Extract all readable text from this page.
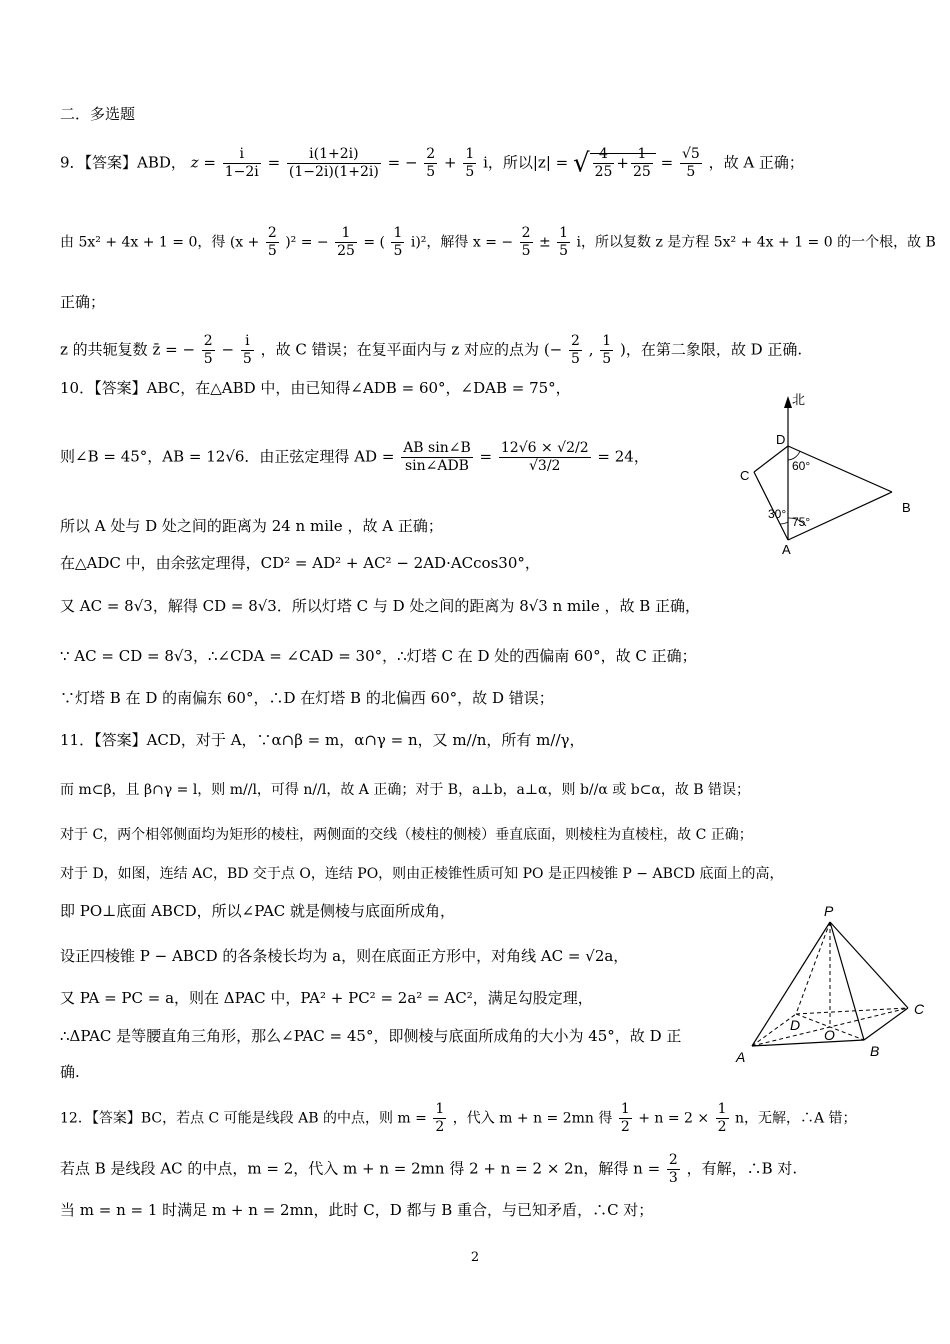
二．多选题
9．【答案】ABD， $z = \frac{i}{1-2i} = \frac{i(1+2i)}{(1-2i)(1+2i)}$ = − $\frac{2}{5} + \frac{1}{5}$ i，所以|z| = √ $\frac{4}{25} + \frac{1}{25} = \frac{√5}{5}$ ，故 A 正确；
由 5x² + 4x + 1 = 0，得 $(x + \frac{2}{5} )^2$ = − $\frac{1}{25}$ = ( $\frac{1}{5} i)^2$，解得 x = − $\frac{2}{5} \pm \frac{1}{5}$ i，所以复数 z 是方程 5x² + 4x + 1 = 0 的一个根，故 B
正确；
z 的共轭复数 z̄ = − $\frac{2}{5} - \frac{i}{5}$ ，故 C 错误；在复平面内与 z 对应的点为 (− $\frac{2}{5}$ , $\frac{1}{5}$ )，在第二象限，故 D 正确.
10．【答案】ABC，在△ABD 中，由已知得∠ADB = 60°，∠DAB = 75°，
则∠B = 45°，AB = 12√6．由正弦定理得 AD = $\frac{\text{AB sin∠B}}{\text{sin∠ADB}} = \frac{12√6 \times √2/2}{√3/2} = 24$，
所以 A 处与 D 处之间的距离为 24 n mile ，故 A 正确；
在△ADC 中，由余弦定理得，CD² = AD² + AC² − 2AD·ACcos30°，
又 AC = 8√3，解得 CD = 8√3．所以灯塔 C 与 D 处之间的距离为 8√3 n mile ，故 B 正确，
∵ AC = CD = 8√3，∴∠CDA = ∠CAD = 30°，∴灯塔 C 在 D 处的西偏南 60°，故 C 正确；
∵灯塔 B 在 D 的南偏东 60°，∴D 在灯塔 B 的北偏西 60°，故 D 错误；
北
D
C
B
A
60°
30°
75°
11．【答案】ACD，对于 A，∵α∩β = m，α∩γ = n，又 m//n，所有 m//γ，
而 m⊂β，且 β∩γ = l，则 m//l，可得 n//l，故 A 正确；对于 B，a⊥b，a⊥α，则 b//α 或 b⊂α，故 B 错误；
对于 C，两个相邻侧面均为矩形的棱柱，两侧面的交线（棱柱的侧棱）垂直底面，则棱柱为直棱柱，故 C 正确；
对于 D，如图，连结 AC，BD 交于点 O，连结 PO，则由正棱锥性质可知 PO 是正四棱锥 P − ABCD 底面上的高，
即 PO⊥底面 ABCD，所以∠PAC 就是侧棱与底面所成角，
设正四棱锥 P − ABCD 的各条棱长均为 a，则在底面正方形中，对角线 AC = √2a，
又 PA = PC = a，则在 ΔPAC 中，PA² + PC² = 2a² = AC²，满足勾股定理，
∴ΔPAC 是等腰直角三角形，那么∠PAC = 45°，即侧棱与底面所成角的大小为 45°，故 D 正
确.
P
D
O
C
A	B
12．【答案】BC，若点 C 可能是线段 AB 的中点，则 $m = \frac{1}{2}$ ，代入 m + n = 2mn 得 $\frac{1}{2} + n = 2 \times \frac{1}{2}$ n，无解，∴A 错；
若点 B 是线段 AC 的中点，m = 2，代入 m + n = 2mn 得 2 + n = 2 × 2n，解得 $n = \frac{2}{3}$ ，有解，∴B 对.
当 m = n = 1 时满足 m + n = 2mn，此时 C，D 都与 B 重合，与已知矛盾，∴C 对；
2
